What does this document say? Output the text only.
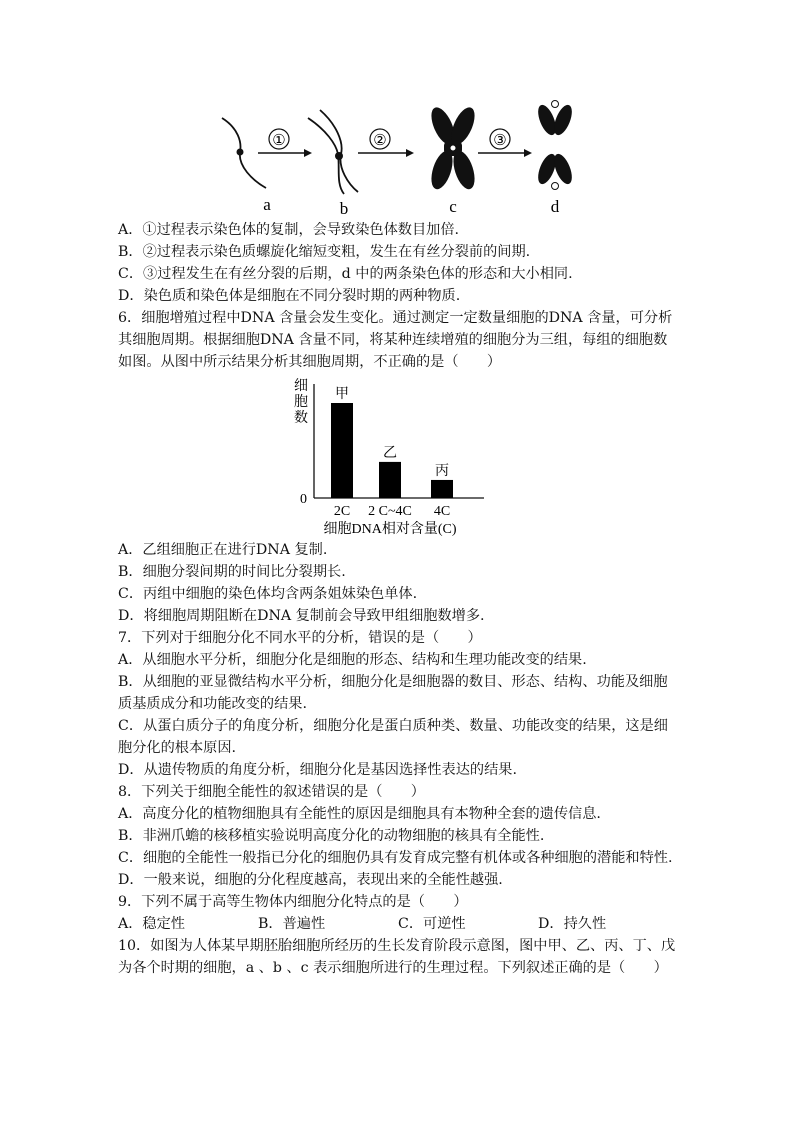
①
a
②
b
③
c	d
A．①过程表示染色体的复制，会导致染色体数目加倍.
B．②过程表示染色质螺旋化缩短变粗，发生在有丝分裂前的间期.
C．③过程发生在有丝分裂的后期，d 中的两条染色体的形态和大小相同.
D．染色质和染色体是细胞在不同分裂时期的两种物质.
6．细胞增殖过程中DNA 含量会发生变化。通过测定一定数量细胞的DNA 含量，可分析
其细胞周期。根据细胞DNA 含量不同，将某种连续增殖的细胞分为三组，每组的细胞数
如图。从图中所示结果分析其细胞周期，不正确的是（　　）
细 胞 数
0
甲
2C
乙
2 C~4C
丙
4C
细胞DNA相对含量(C)
A．乙组细胞正在进行DNA 复制.
B．细胞分裂间期的时间比分裂期长.
C．丙组中细胞的染色体均含两条姐妹染色单体.
D．将细胞周期阻断在DNA 复制前会导致甲组细胞数增多.
7．下列对于细胞分化不同水平的分析，错误的是（　　）
A．从细胞水平分析，细胞分化是细胞的形态、结构和生理功能改变的结果.
B．从细胞的亚显微结构水平分析，细胞分化是细胞器的数目、形态、结构、功能及细胞
质基质成分和功能改变的结果.
C．从蛋白质分子的角度分析，细胞分化是蛋白质种类、数量、功能改变的结果，这是细
胞分化的根本原因.
D．从遗传物质的角度分析，细胞分化是基因选择性表达的结果.
8．下列关于细胞全能性的叙述错误的是（　　）
A．高度分化的植物细胞具有全能性的原因是细胞具有本物种全套的遗传信息.
B．非洲爪蟾的核移植实验说明高度分化的动物细胞的核具有全能性.
C．细胞的全能性一般指已分化的细胞仍具有发育成完整有机体或各种细胞的潜能和特性.
D．一般来说，细胞的分化程度越高，表现出来的全能性越强.
9．下列不属于高等生物体内细胞分化特点的是（　　）
A．稳定性	B．普遍性	C．可逆性	D．持久性
10．如图为人体某早期胚胎细胞所经历的生长发育阶段示意图，图中甲、乙、丙、丁、戊
为各个时期的细胞，a 、b 、c 表示细胞所进行的生理过程。下列叙述正确的是（　　）
